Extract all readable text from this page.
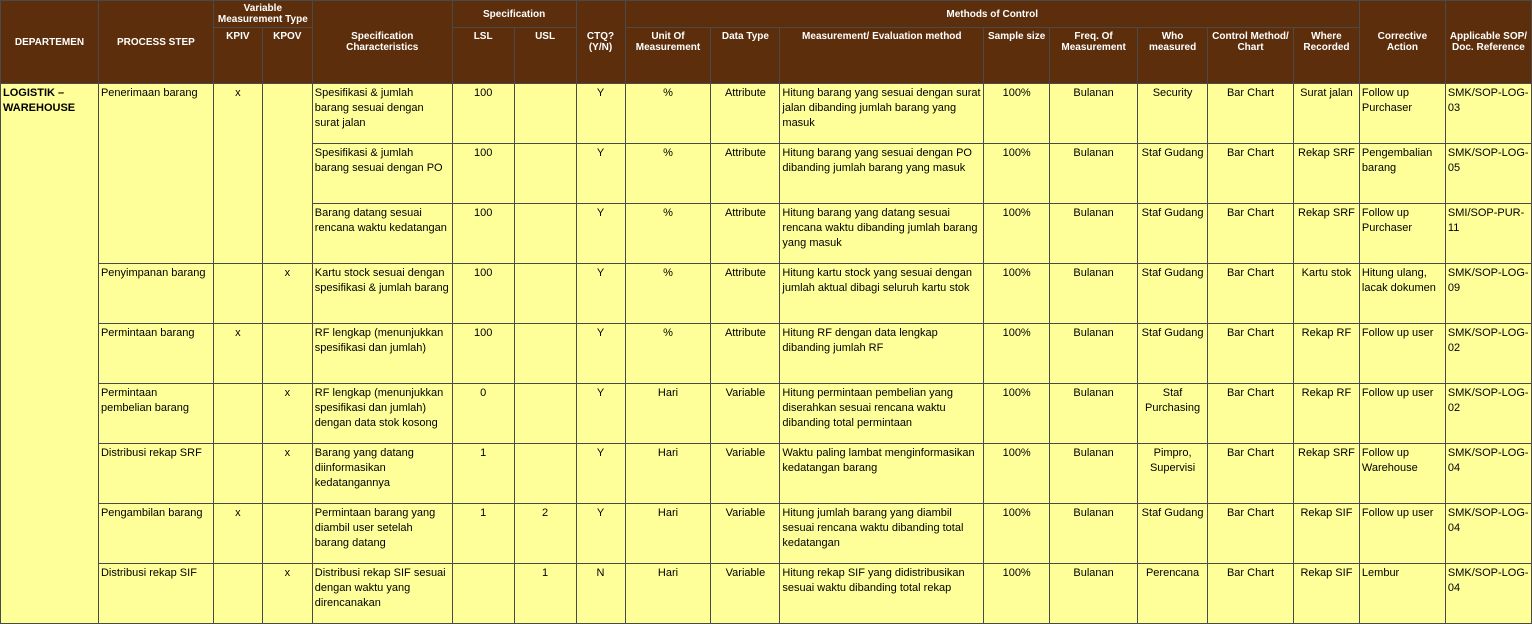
DEPARTEMEN	PROCESS STEP	Variable Measurement Type		Specification Characteristics	Specification		CTQ? (Y/N)	Methods of Control								Corrective Action	Applicable SOP/ Doc. Reference
		KPIV	KPOV		LSL	USL		Unit Of Measurement	Data Type	Measurement/ Evaluation method	Sample size	Freq. Of Measurement	Who measured	Control Method/ Chart	Where Recorded		
LOGISTIK – WAREHOUSE	Penerimaan barang	x		Spesifikasi & jumlah barang sesuai dengan surat jalan	100		Y	%	Attribute	Hitung barang yang sesuai dengan surat jalan dibanding jumlah barang yang masuk	100%	Bulanan	Security	Bar Chart	Surat jalan	Follow up Purchaser	SMK/SOP-LOG-03
				Spesifikasi & jumlah barang sesuai dengan PO	100		Y	%	Attribute	Hitung barang yang sesuai dengan PO dibanding jumlah barang yang masuk	100%	Bulanan	Staf Gudang	Bar Chart	Rekap SRF	Pengembalian barang	SMK/SOP-LOG-05
				Barang datang sesuai rencana waktu kedatangan	100		Y	%	Attribute	Hitung barang yang datang sesuai rencana waktu dibanding jumlah barang yang masuk	100%	Bulanan	Staf Gudang	Bar Chart	Rekap SRF	Follow up Purchaser	SMI/SOP-PUR-11
	Penyimpanan barang		x	Kartu stock sesuai dengan spesifikasi & jumlah barang	100		Y	%	Attribute	Hitung kartu stock yang sesuai dengan jumlah aktual dibagi seluruh kartu stok	100%	Bulanan	Staf Gudang	Bar Chart	Kartu stok	Hitung ulang, lacak dokumen	SMK/SOP-LOG-09
	Permintaan barang	x		RF lengkap (menunjukkan spesifikasi dan jumlah)	100		Y	%	Attribute	Hitung RF dengan data lengkap dibanding jumlah RF	100%	Bulanan	Staf Gudang	Bar Chart	Rekap RF	Follow up user	SMK/SOP-LOG-02
	Permintaan pembelian barang		x	RF lengkap (menunjukkan spesifikasi dan jumlah) dengan data stok kosong	0		Y	Hari	Variable	Hitung permintaan pembelian yang diserahkan sesuai rencana waktu dibanding total permintaan	100%	Bulanan	Staf Purchasing	Bar Chart	Rekap RF	Follow up user	SMK/SOP-LOG-02
	Distribusi rekap SRF		x	Barang yang datang diinformasikan kedatangannya	1		Y	Hari	Variable	Waktu paling lambat menginformasikan kedatangan barang	100%	Bulanan	Pimpro, Supervisi	Bar Chart	Rekap SRF	Follow up Warehouse	SMK/SOP-LOG-04
	Pengambilan barang	x		Permintaan barang yang diambil user setelah barang datang	1	2	Y	Hari	Variable	Hitung jumlah barang yang diambil sesuai rencana waktu dibanding total kedatangan	100%	Bulanan	Staf Gudang	Bar Chart	Rekap SIF	Follow up user	SMK/SOP-LOG-04
	Distribusi rekap SIF		x	Distribusi rekap SIF sesuai dengan waktu yang direncanakan		1	N	Hari	Variable	Hitung rekap SIF yang didistribusikan sesuai waktu dibanding total rekap	100%	Bulanan	Perencana	Bar Chart	Rekap SIF	Lembur	SMK/SOP-LOG-04
